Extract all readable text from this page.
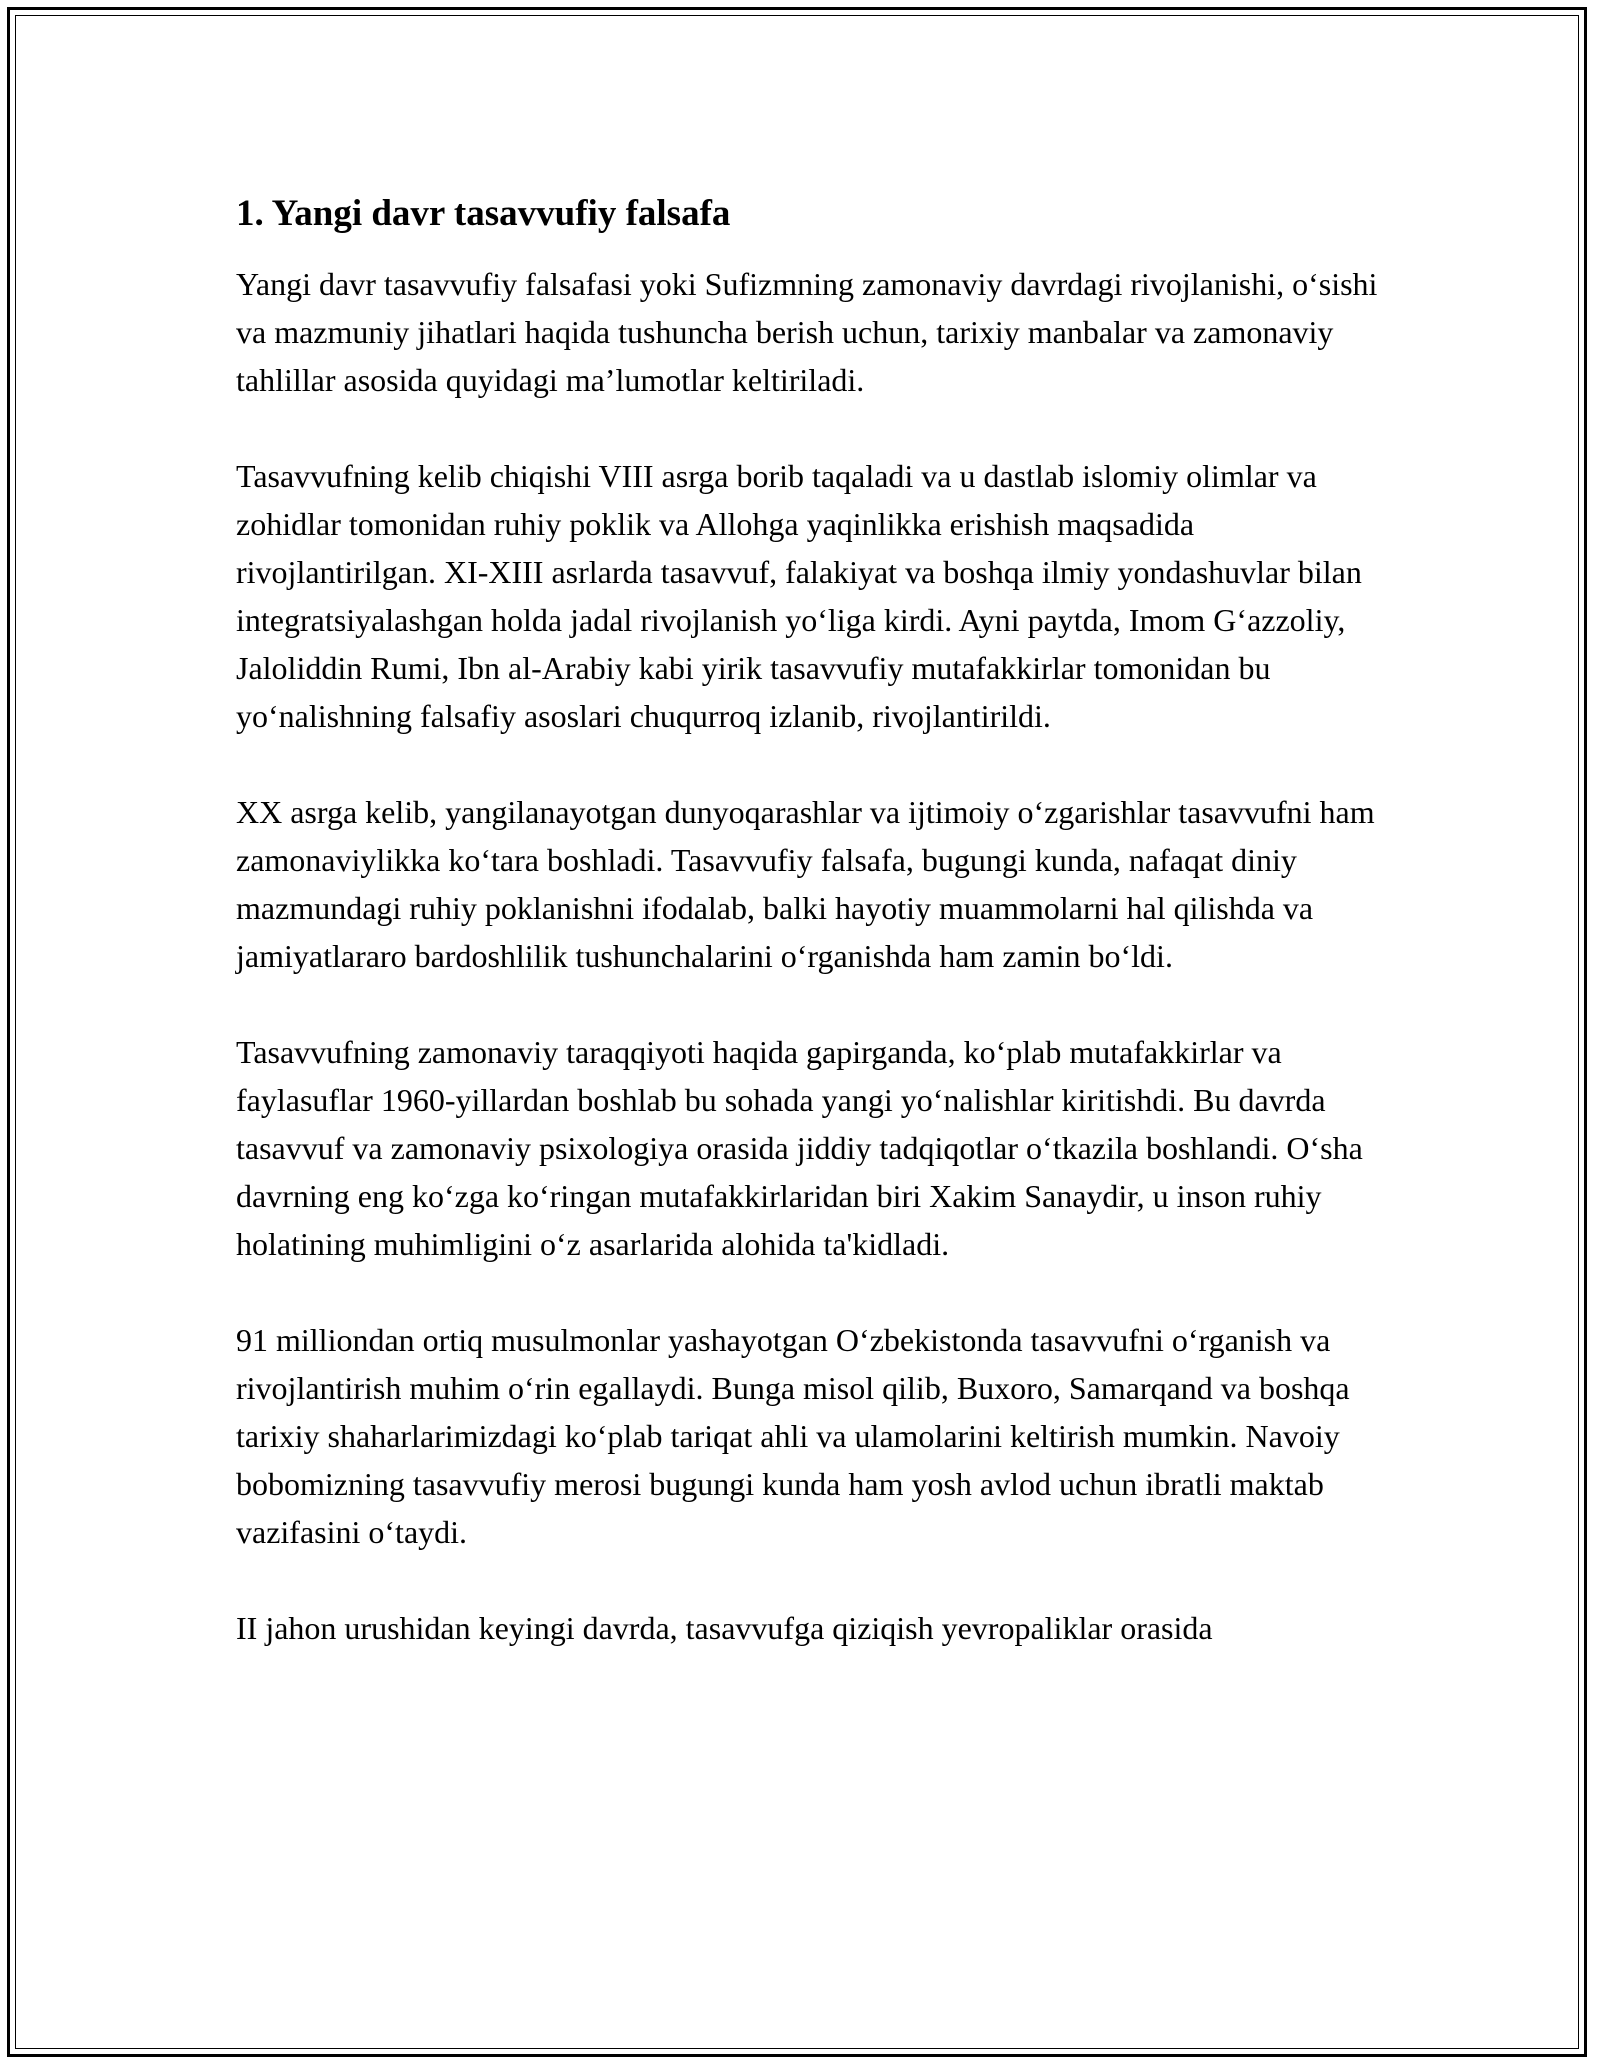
1. Yangi davr tasavvufiy falsafa

Yangi davr tasavvufiy falsafasi yoki Sufizmning zamonaviy davrdagi rivojlanishi, o‘sishi va mazmuniy jihatlari haqida tushuncha berish uchun, tarixiy manbalar va zamonaviy tahlillar asosida quyidagi ma’lumotlar keltiriladi.

Tasavvufning kelib chiqishi VIII asrga borib taqaladi va u dastlab islomiy olimlar va zohidlar tomonidan ruhiy poklik va Allohga yaqinlikka erishish maqsadida rivojlantirilgan. XI-XIII asrlarda tasavvuf, falakiyat va boshqa ilmiy yondashuvlar bilan integratsiyalashgan holda jadal rivojlanish yo‘liga kirdi. Ayni paytda, Imom G‘azzoliy, Jaloliddin Rumi, Ibn al-Arabiy kabi yirik tasavvufiy mutafakkirlar tomonidan bu yo‘nalishning falsafiy asoslari chuqurroq izlanib, rivojlantirildi.

XX asrga kelib, yangilanayotgan dunyoqarashlar va ijtimoiy o‘zgarishlar tasavvufni ham zamonaviylikka ko‘tara boshladi. Tasavvufiy falsafa, bugungi kunda, nafaqat diniy mazmundagi ruhiy poklanishni ifodalab, balki hayotiy muammolarni hal qilishda va jamiyatlararo bardoshlilik tushunchalarini o‘rganishda ham zamin bo‘ldi.

Tasavvufning zamonaviy taraqqiyoti haqida gapirganda, ko‘plab mutafakkirlar va faylasuflar 1960-yillardan boshlab bu sohada yangi yo‘nalishlar kiritishdi. Bu davrda tasavvuf va zamonaviy psixologiya orasida jiddiy tadqiqotlar o‘tkazila boshlandi. O‘sha davrning eng ko‘zga ko‘ringan mutafakkirlaridan biri Xakim Sanaydir, u inson ruhiy holatining muhimligini o‘z asarlarida alohida ta'kidladi.

91 milliondan ortiq musulmonlar yashayotgan O‘zbekistonda tasavvufni o‘rganish va rivojlantirish muhim o‘rin egallaydi. Bunga misol qilib, Buxoro, Samarqand va boshqa tarixiy shaharlarimizdagi ko‘plab tariqat ahli va ulamolarini keltirish mumkin. Navoiy bobomizning tasavvufiy merosi bugungi kunda ham yosh avlod uchun ibratli maktab vazifasini o‘taydi.

II jahon urushidan keyingi davrda, tasavvufga qiziqish yevropaliklar orasida
